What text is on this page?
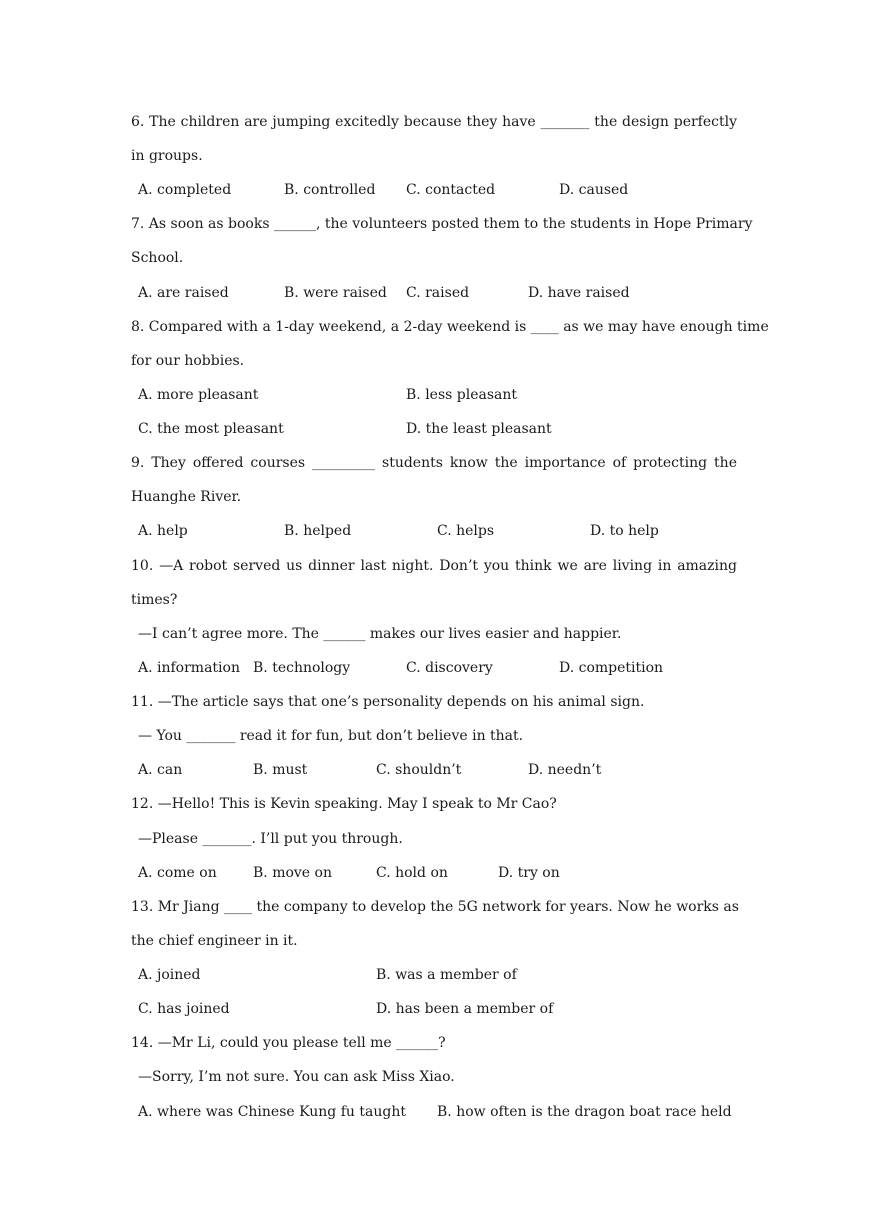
6. The children are jumping excitedly because they have _______ the design perfectly
in groups.
A. completed	B. controlled C. contacted	D. caused
7. As soon as books ______, the volunteers posted them to the students in Hope Primary
School.
A. are raised	B. were raised C. raised	D. have raised
8. Compared with a 1-day weekend, a 2-day weekend is ____ as we may have enough time
for our hobbies.
A. more pleasant	B. less pleasant
C. the most pleasant	D. the least pleasant
9. They offered courses _________ students know the importance of protecting the
Huanghe River.
A. help	B. helped	C. helps	D. to help
10. —A robot served us dinner last night. Don’t you think we are living in amazing
times?
—I can’t agree more. The ______ makes our lives easier and happier.
A. information B. technology	C. discovery	D. competition
11. —The article says that one’s personality depends on his animal sign.
— You _______ read it for fun, but don’t believe in that.
A. can	B. must	C. shouldn’t	D. needn’t
12. —Hello! This is Kevin speaking. May I speak to Mr Cao?
—Please _______. I’ll put you through.
A. come on	B. move on	C. hold on	D. try on
13. Mr Jiang ____ the company to develop the 5G network for years. Now he works as
the chief engineer in it.
A. joined	B. was a member of
C. has joined	D. has been a member of
14. —Mr Li, could you please tell me ______?
—Sorry, I’m not sure. You can ask Miss Xiao.
A. where was Chinese Kung fu taught B. how often is the dragon boat race held
